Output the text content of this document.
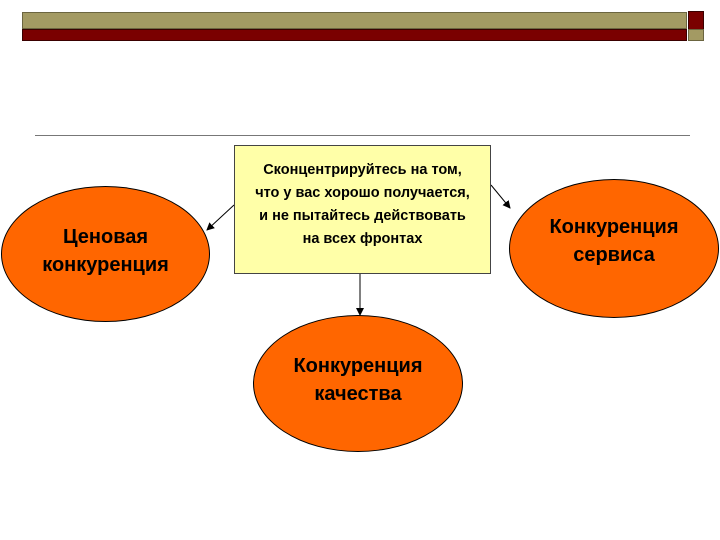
Сконцентрируйтесь на том,
что у вас хорошо получается,
и не пытайтесь действовать
на всех фронтах
Ценовая
конкуренция
Конкуренция
сервиса
Конкуренция
качества
